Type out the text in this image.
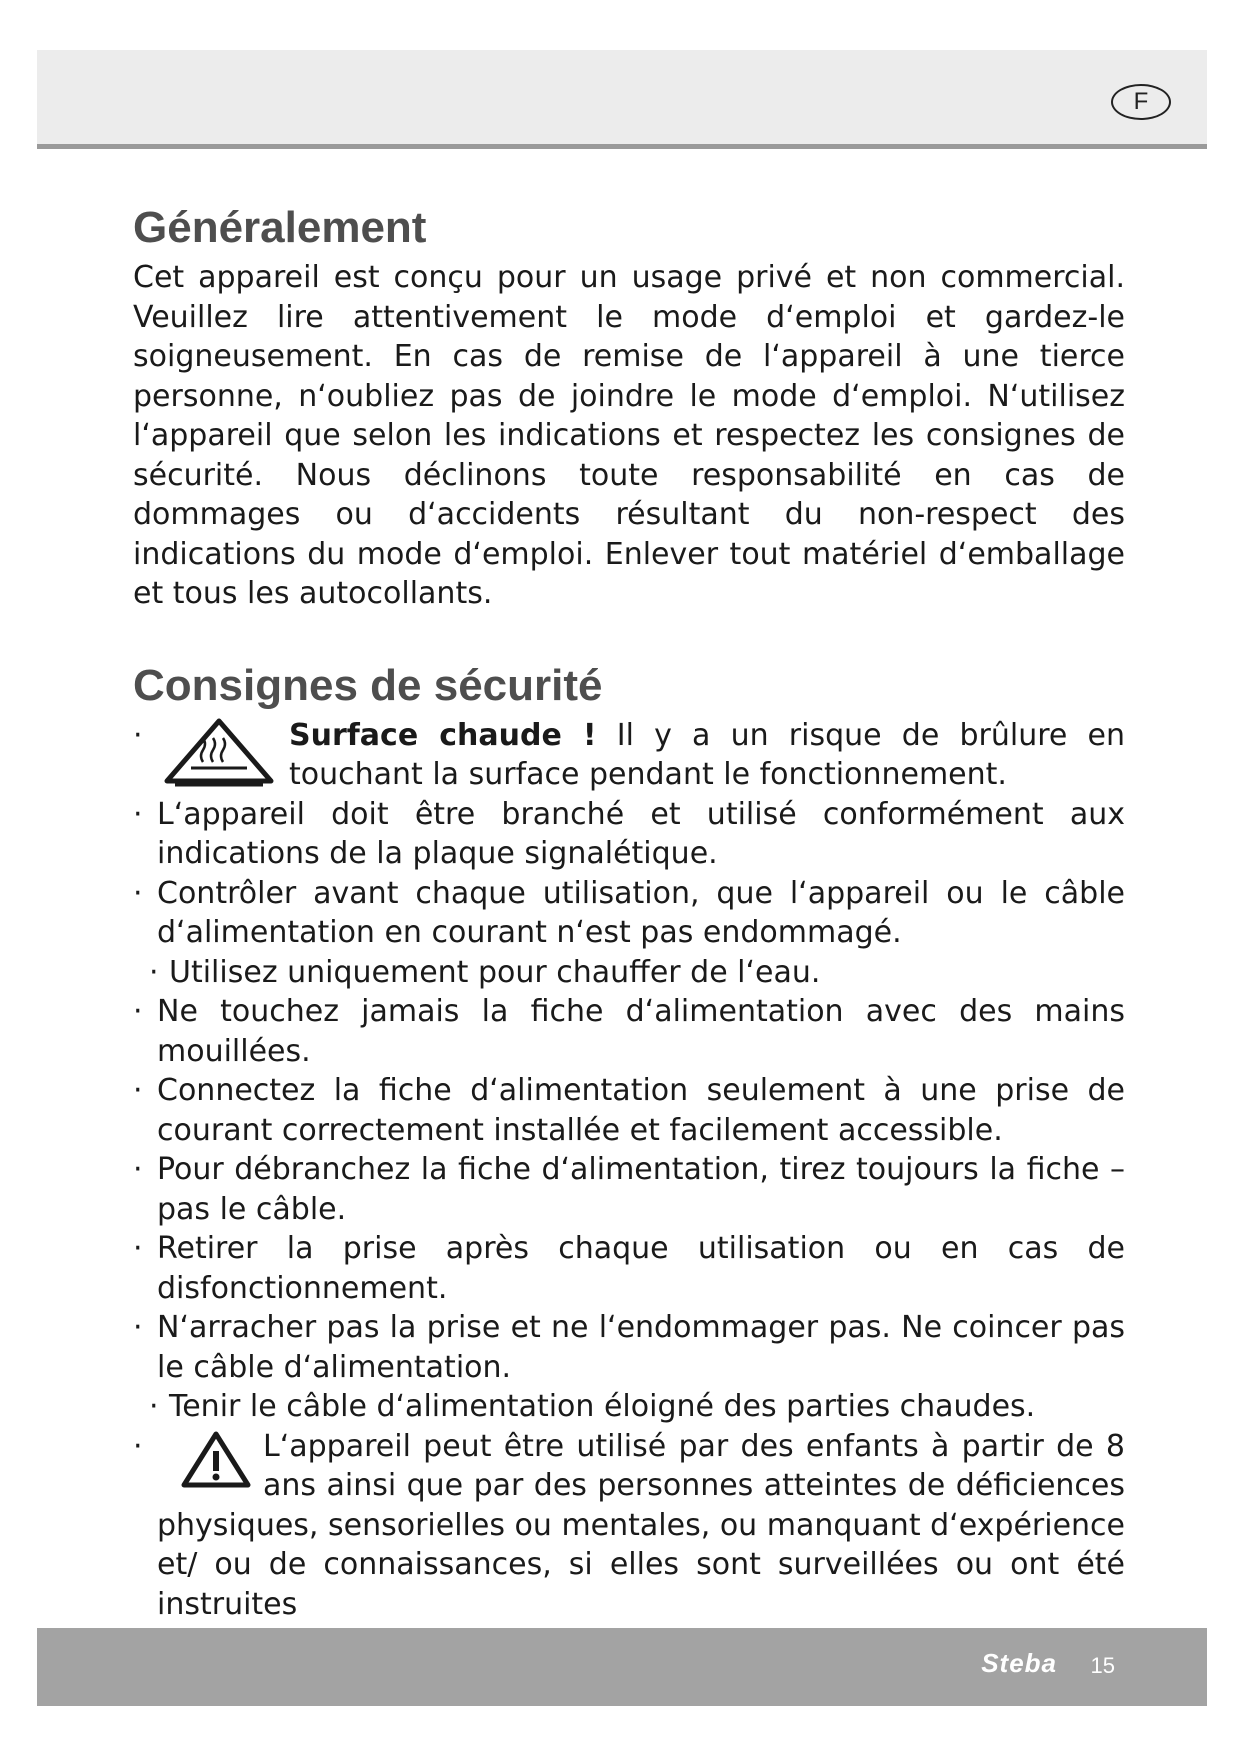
F
Généralement

Cet appareil est conçu pour un usage privé et non commercial. Veuillez lire attentivement le mode d‘emploi et gardez-le soigneusement. En cas de remise de l‘appareil à une tierce personne, n‘oubliez pas de joindre le mode d‘emploi. N‘utilisez l‘appareil que selon les indications et respectez les consignes de sécurité. Nous déclinons toute responsabilité en cas de dommages ou d‘accidents résultant du non-respect des indications du mode d‘emploi. Enlever tout matériel d‘emballage et tous les autocollants.

Consignes de sécurité
·	Surface chaude ! Il y a un risque de brûlure en touchant la surface pendant le fonctionnement.
· L‘appareil doit être branché et utilisé conformément aux indications de la plaque signalétique.
· Contrôler avant chaque utilisation, que l‘appareil ou le câble d‘alimentation en courant n‘est pas endommagé.
· Utilisez uniquement pour chauffer de l‘eau.
· Ne touchez jamais la fiche d‘alimentation avec des mains mouillées.
· Connectez la fiche d‘alimentation seulement à une prise de courant correctement installée et facilement accessible.
· Pour débranchez la fiche d‘alimentation, tirez toujours la fiche – pas le câble.
· Retirer la prise après chaque utilisation ou en cas de disfonctionnement.
· N‘arracher pas la prise et ne l‘endommager pas. Ne coincer pas le câble d‘alimentation.
· Tenir le câble d‘alimentation éloigné des parties chaudes.
·	L‘appareil peut être utilisé par des enfants à partir de 8 ans ainsi que par des personnes atteintes de déficiences physiques, sensorielles ou mentales, ou manquant d‘expérience et/ ou de connaissances, si elles sont surveillées ou ont été instruites
Steba 15
